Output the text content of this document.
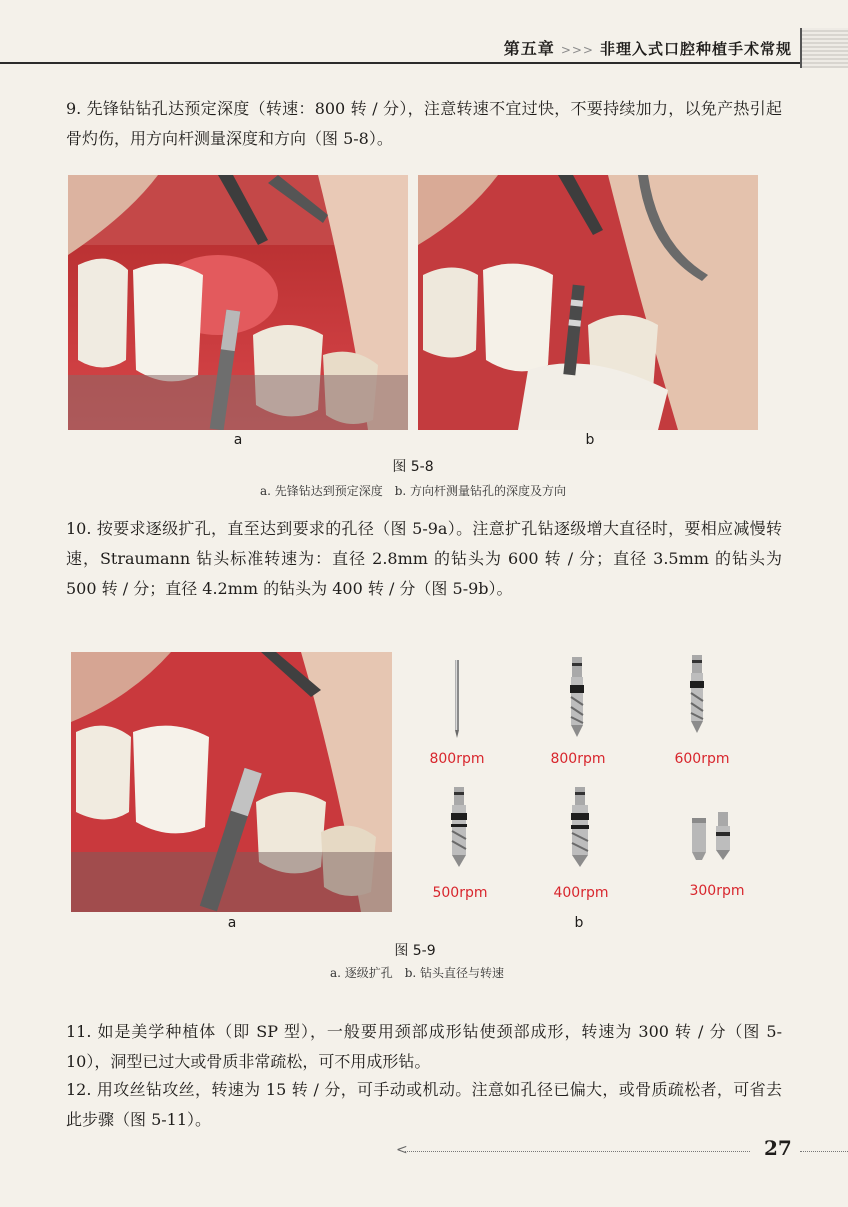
第五章 >>> 非理入式口腔种植手术常规

9. 先锋钻钻孔达预定深度（转速：800 转 / 分），注意转速不宜过快，不要持续加力，以免产热引起骨灼伤，用方向杆测量深度和方向（图 5-8）。

a	b
图 5-8
a. 先锋钻达到预定深度　b. 方向杆测量钻孔的深度及方向

10. 按要求逐级扩孔，直至达到要求的孔径（图 5-9a）。注意扩孔钻逐级增大直径时，要相应减慢转速，Straumann 钻头标准转速为：直径 2.8mm 的钻头为 600 转 / 分；直径 3.5mm 的钻头为 500 转 / 分；直径 4.2mm 的钻头为 400 转 / 分（图 5-9b）。

a
800rpm	800rpm	600rpm
500rpm	400rpm	300rpm
b
图 5-9
a. 逐级扩孔　b. 钻头直径与转速

11. 如是美学种植体（即 SP 型），一般要用颈部成形钻使颈部成形，转速为 300 转 / 分（图 5-10），洞型已过大或骨质非常疏松，可不用成形钻。

12. 用攻丝钻攻丝，转速为 15 转 / 分，可手动或机动。注意如孔径已偏大，或骨质疏松者，可省去此步骤（图 5-11）。

<	27
